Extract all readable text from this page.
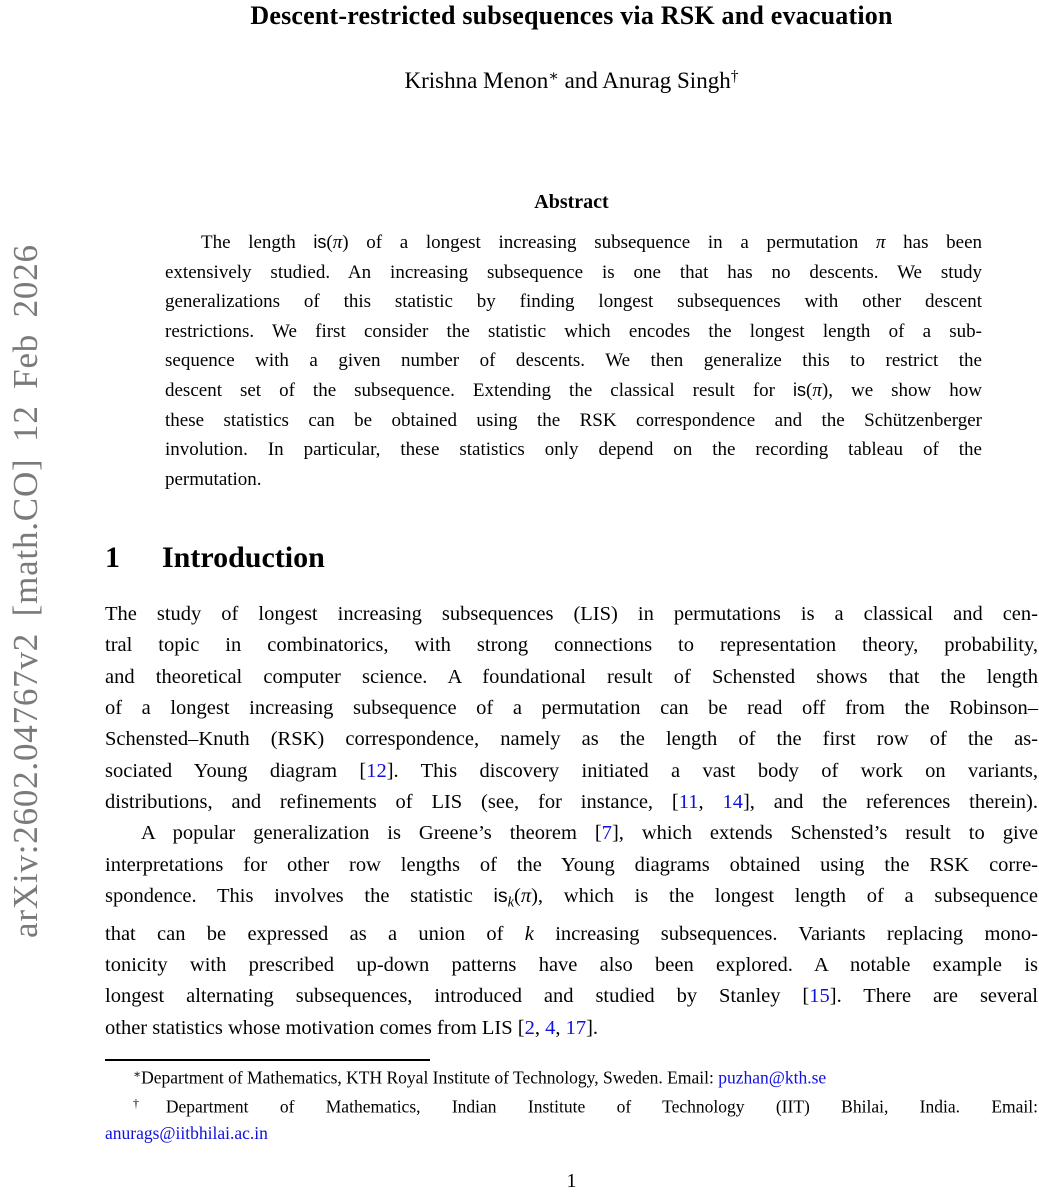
arXiv:2602.04767v2 [math.CO] 12 Feb 2026
Descent-restricted subsequences via RSK and evacuation
Krishna Menon∗ and Anurag Singh†
Abstract
The length is(π) of a longest increasing subsequence in a permutation π has been
extensively studied. An increasing subsequence is one that has no descents. We study
generalizations of this statistic by finding longest subsequences with other descent
restrictions. We first consider the statistic which encodes the longest length of a sub-
sequence with a given number of descents. We then generalize this to restrict the
descent set of the subsequence. Extending the classical result for is(π), we show how
these statistics can be obtained using the RSK correspondence and the Schützenberger
involution. In particular, these statistics only depend on the recording tableau of the
permutation.
1 Introduction
The study of longest increasing subsequences (LIS) in permutations is a classical and cen-
tral topic in combinatorics, with strong connections to representation theory, probability,
and theoretical computer science. A foundational result of Schensted shows that the length
of a longest increasing subsequence of a permutation can be read off from the Robinson–
Schensted–Knuth (RSK) correspondence, namely as the length of the first row of the as-
sociated Young diagram [12]. This discovery initiated a vast body of work on variants,
distributions, and refinements of LIS (see, for instance, [11, 14], and the references therein).
A popular generalization is Greene’s theorem [7], which extends Schensted’s result to give
interpretations for other row lengths of the Young diagrams obtained using the RSK corre-
spondence. This involves the statistic $is_k(\pi)$, which is the longest length of a subsequence
that can be expressed as a union of k increasing subsequences. Variants replacing mono-
tonicity with prescribed up-down patterns have also been explored. A notable example is
longest alternating subsequences, introduced and studied by Stanley [15]. There are several
other statistics whose motivation comes from LIS [2, 4, 17].
∗Department of Mathematics, KTH Royal Institute of Technology, Sweden. Email: puzhan@kth.se
†Department of Mathematics, Indian Institute of Technology (IIT) Bhilai, India. Email:
anurags@iitbhilai.ac.in
1
